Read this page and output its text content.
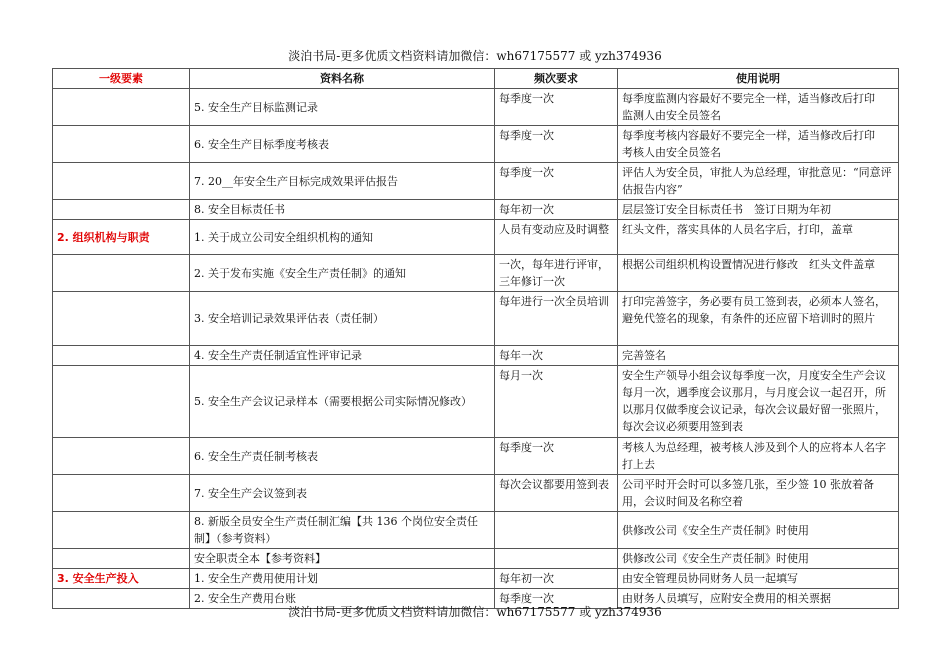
淡泊书局-更多优质文档资料请加微信：wh67175577 或 yzh374936
一级要素	资料名称	频次要求	使用说明
	5. 安全生产目标监测记录	每季度一次	每季度监测内容最好不要完全一样，适当修改后打印　监测人由安全员签名
	6. 安全生产目标季度考核表	每季度一次	每季度考核内容最好不要完全一样，适当修改后打印　考核人由安全员签名
	7. 20__年安全生产目标完成效果评估报告	每季度一次	评估人为安全员，审批人为总经理，审批意见：“同意评估报告内容”
	8. 安全目标责任书	每年初一次	层层签订安全目标责任书　签订日期为年初
2. 组织机构与职责	1. 关于成立公司安全组织机构的通知	人员有变动应及时调整	红头文件，落实具体的人员名字后，打印，盖章
	2. 关于发布实施《安全生产责任制》的通知	一次，每年进行评审，三年修订一次	根据公司组织机构设置情况进行修改　红头文件盖章
	3. 安全培训记录效果评估表（责任制）	每年进行一次全员培训	打印完善签字，务必要有员工签到表，必须本人签名，避免代签名的现象，有条件的还应留下培训时的照片
	4. 安全生产责任制适宜性评审记录	每年一次	完善签名
	5. 安全生产会议记录样本（需要根据公司实际情况修改）	每月一次	安全生产领导小组会议每季度一次，月度安全生产会议每月一次，遇季度会议那月，与月度会议一起召开，所以那月仅做季度会议记录，每次会议最好留一张照片，每次会议必须要用签到表
	6. 安全生产责任制考核表	每季度一次	考核人为总经理，被考核人涉及到个人的应将本人名字打上去
	7. 安全生产会议签到表	每次会议都要用签到表	公司平时开会时可以多签几张，至少签 10 张放着备用，会议时间及名称空着
	8. 新版全员安全生产责任制汇编【共 136 个岗位安全责任制】（参考资料）		供修改公司《安全生产责任制》时使用
	安全职责全本【参考资料】		供修改公司《安全生产责任制》时使用
3. 安全生产投入	1. 安全生产费用使用计划	每年初一次	由安全管理员协同财务人员一起填写
	2. 安全生产费用台账	每季度一次	由财务人员填写，应附安全费用的相关票据
淡泊书局-更多优质文档资料请加微信：wh67175577 或 yzh374936
